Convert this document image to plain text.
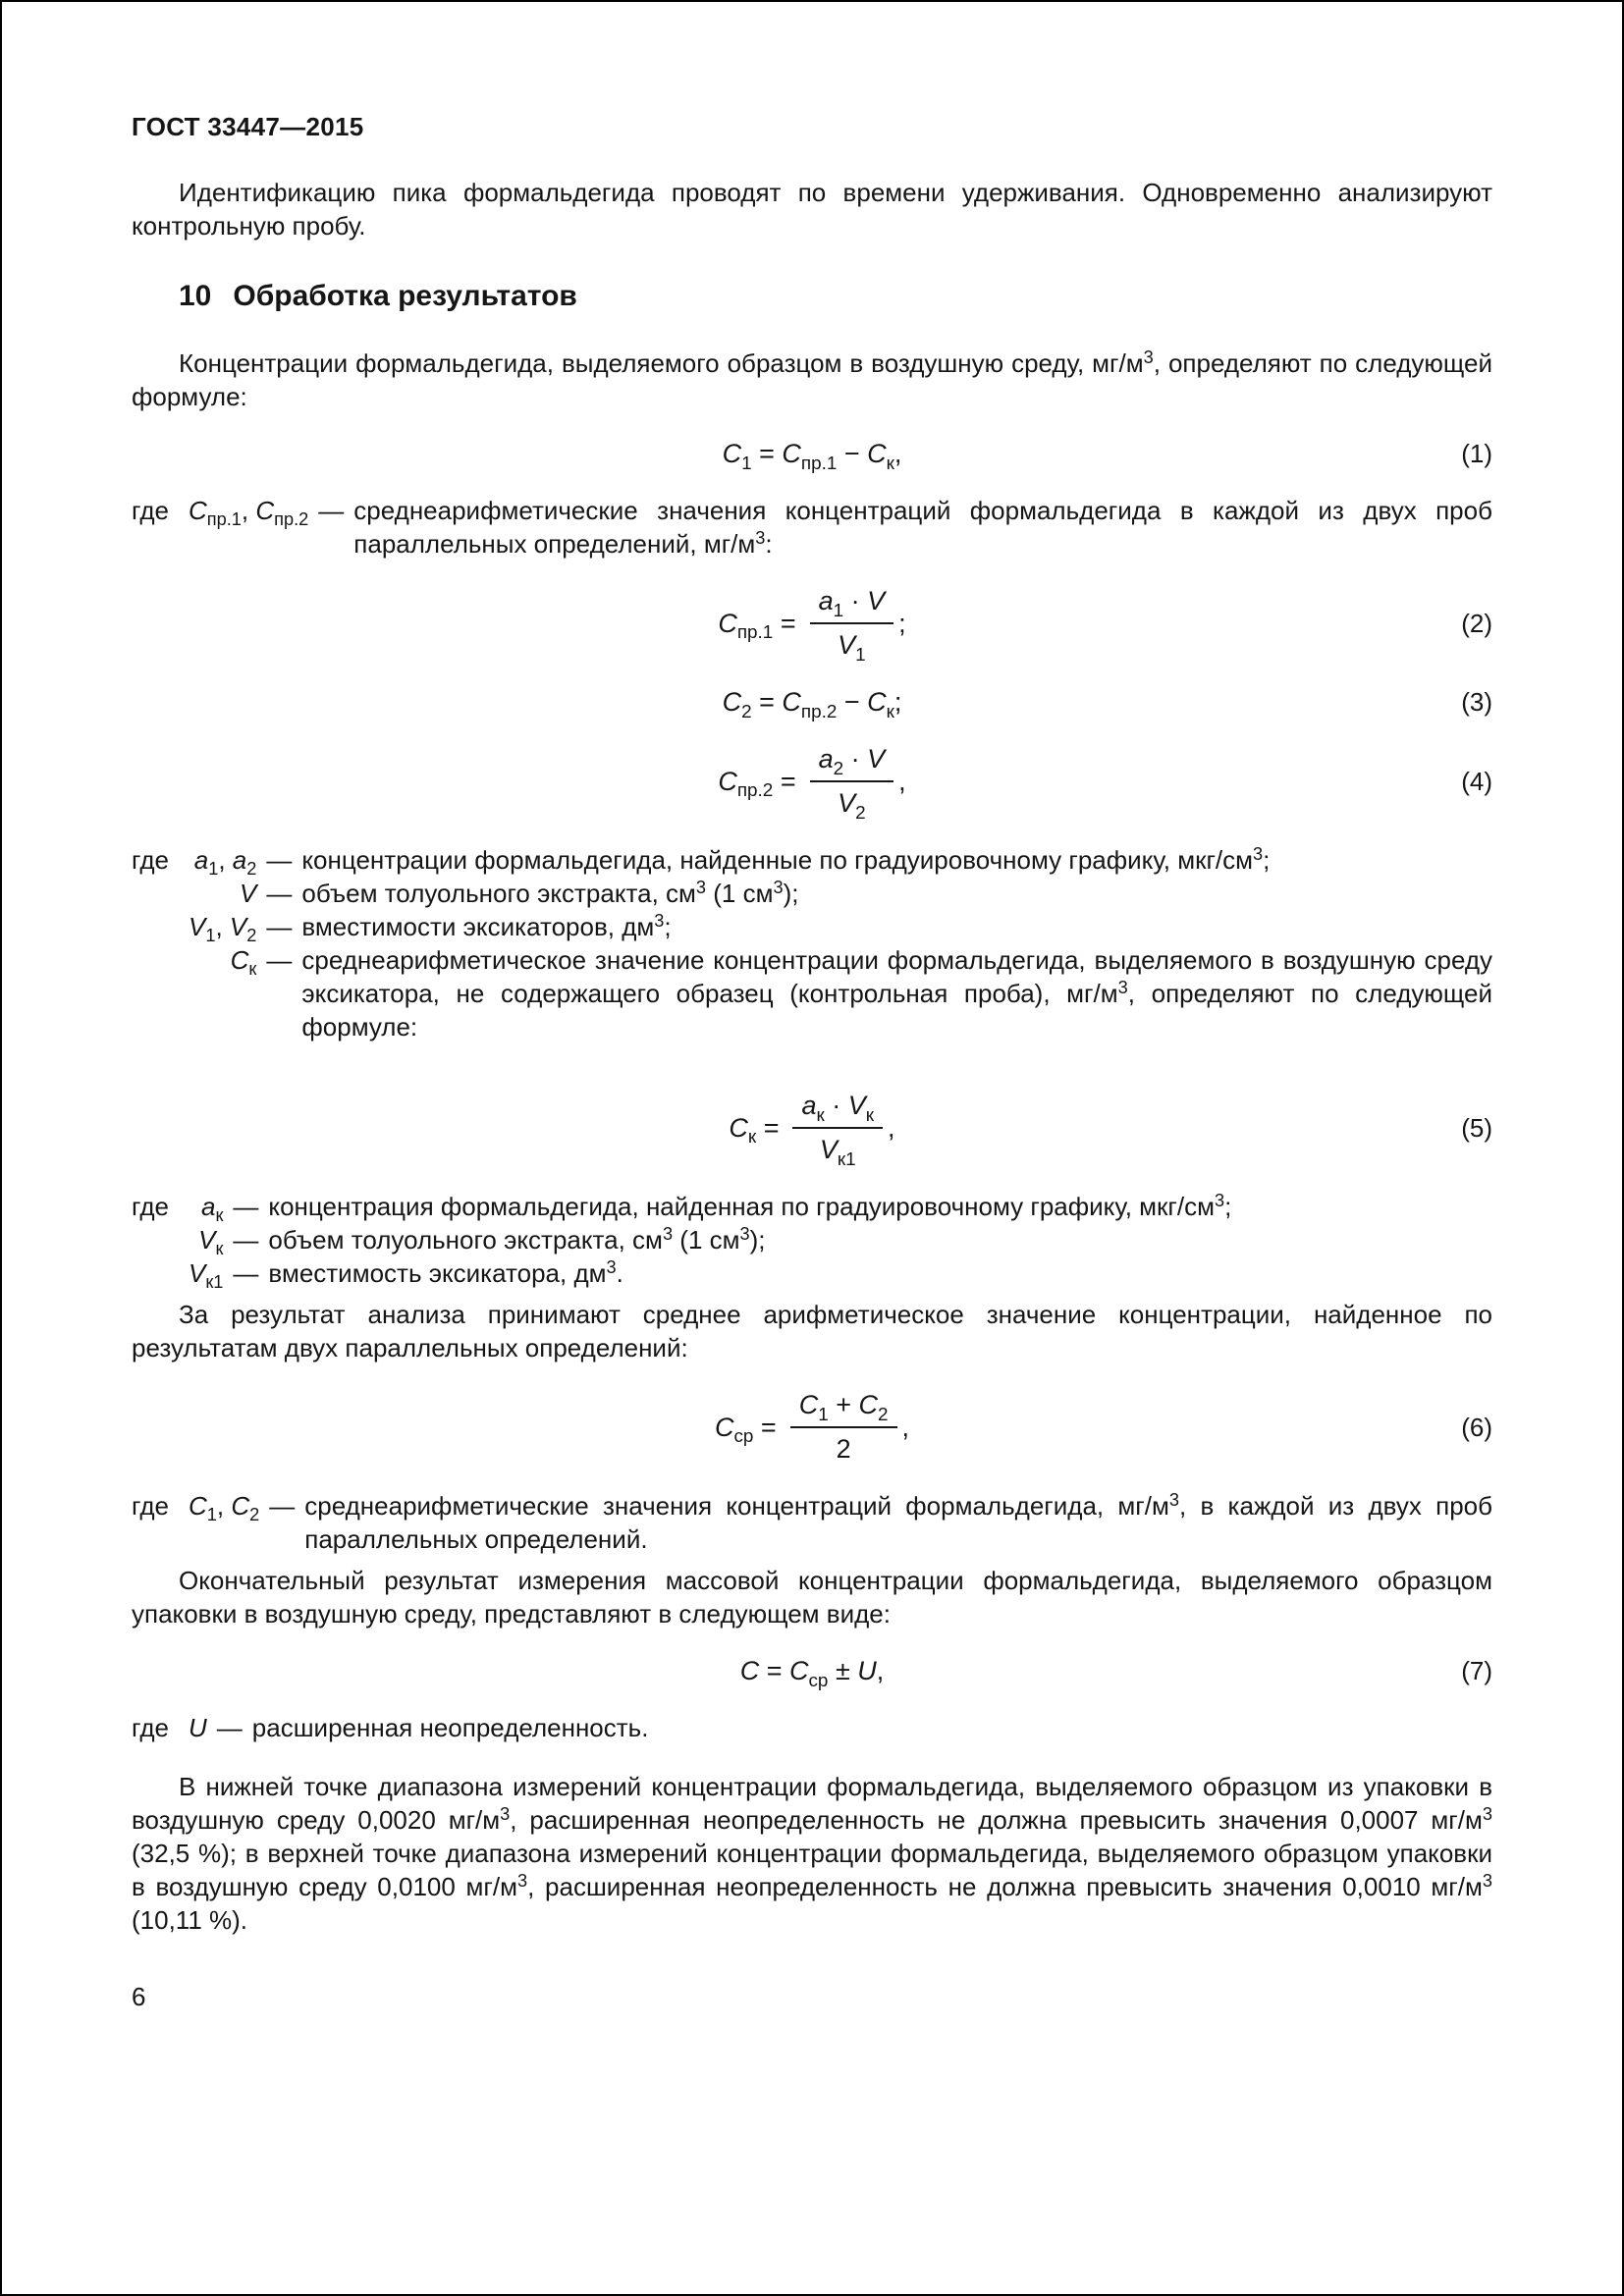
ГОСТ 33447—2015

Идентификацию пика формальдегида проводят по времени удерживания. Одновременно анализируют контрольную пробу.

10 Обработка результатов

Концентрации формальдегида, выделяемого образцом в воздушную среду, $мг/м^3$, определяют по следующей формуле:

$C_1 = C_{пр.1} - C_к$,	(1)
где $C_{пр.1}$, $C_{пр.2}$ — среднеарифметические значения концентраций формальдегида в каждой из двух проб параллельных определений, $мг/м^3$:
$C_{пр.1} = \frac{a_1 \cdot V}{V_1}$ ;	(2)
$C_2 = C_{пр.2} - C_к$;	(3)
$C_{пр.2} = \frac{a_2 \cdot V}{V_2}$ ,	(4)
где $a_1$, $a_2$ — концентрации формальдегида, найденные по градуировочному графику, мкг/$см^3$;
V — объем толуольного экстракта, $см^3$ (1 $см^3$);
$V_1$, $V_2$ — вместимости эксикаторов, $дм^3$;
$C_к$ — среднеарифметическое значение концентрации формальдегида, выделяемого в воздушную среду эксикатора, не содержащего образец (контрольная проба), $мг/м^3$, определяют по следующей формуле:
$C_к = \frac{a_к \cdot V_к}{V_{к1}}$ ,	(5)
где	$a_к$ — концентрация формальдегида, найденная по градуировочному графику, мкг/$см^3$;
$V_к$ — объем толуольного экстракта, $см^3$ (1 $см^3$);
$V_{к1}$ — вместимость эксикатора, $дм^3$.

За результат анализа принимают среднее арифметическое значение концентрации, найденное по результатам двух параллельных определений:

$C_{ср} = \frac{C_1 + C_2}{2}$ ,	(6)
где $C_1$, $C_2$ — среднеарифметические значения концентраций формальдегида, $мг/м^3$, в каждой из двух проб параллельных определений.

Окончательный результат измерения массовой концентрации формальдегида, выделяемого образцом упаковки в воздушную среду, представляют в следующем виде:

$C = C_{ср} \pm U$,	(7)
где U — расширенная неопределенность.

В нижней точке диапазона измерений концентрации формальдегида, выделяемого образцом из упаковки в воздушную среду 0,0020 $мг/м^3$, расширенная неопределенность не должна превысить значения 0,0007 $мг/м^3$ (32,5 %); в верхней точке диапазона измерений концентрации формальдегида, выделяемого образцом упаковки в воздушную среду 0,0100 $мг/м^3$, расширенная неопределенность не должна превысить значения 0,0010 $мг/м^3$ (10,11 %).

6
